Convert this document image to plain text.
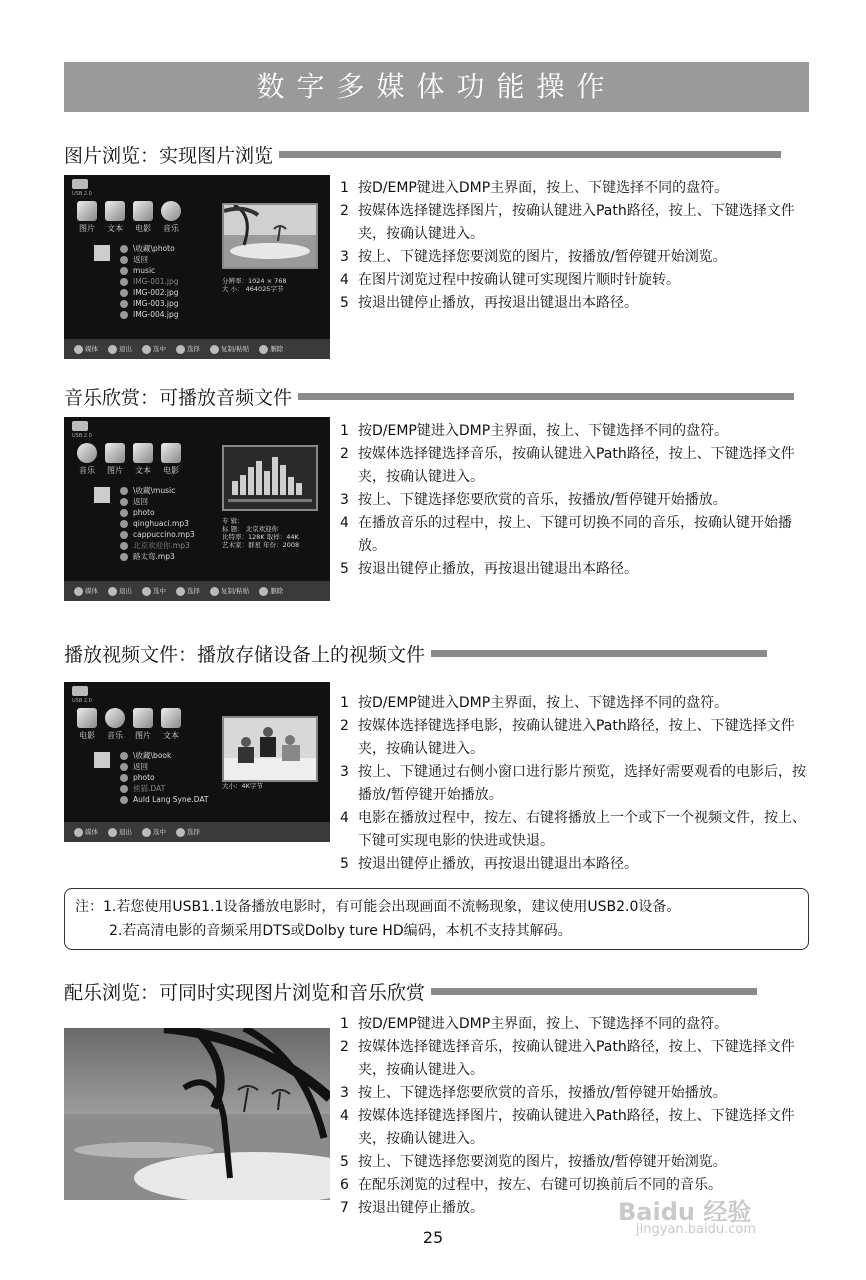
数字多媒体功能操作
图片浏览：实现图片浏览
USB 2.0
图片	文本	电影	音乐
\收藏\photo
返回
music
IMG-001.jpg
IMG-002.jpg
IMG-003.jpg
IMG-004.jpg
分辨率：1024 × 768
大 小： 464025字节
媒体	退出	选中	选择	复制/粘贴	删除
1 按D/EMP键进入DMP主界面，按上、下键选择不同的盘符。
2 按媒体选择键选择图片，按确认键进入Path路径，按上、下键选择文件夹，按确认键进入。
3 按上、下键选择您要浏览的图片，按播放/暂停键开始浏览。
4 在图片浏览过程中按确认键可实现图片顺时针旋转。
5 按退出键停止播放，再按退出键退出本路径。
音乐欣赏：可播放音频文件
USB 2.0
音乐	图片	文本	电影
\收藏\music
返回
photo
qinghuaci.mp3
cappuccino.mp3
北京欢迎你.mp3
路太弯.mp3
专 辑：
标 题： 北京欢迎你
比特率：128K 取样：44K
艺术家：群星 年份：2008
媒体	退出	选中	选择	复制/粘贴	删除
1 按D/EMP键进入DMP主界面，按上、下键选择不同的盘符。
2 按媒体选择键选择音乐，按确认键进入Path路径，按上、下键选择文件夹，按确认键进入。
3 按上、下键选择您要欣赏的音乐，按播放/暂停键开始播放。
4 在播放音乐的过程中，按上、下键可切换不同的音乐，按确认键开始播放。
5 按退出键停止播放，再按退出键退出本路径。
播放视频文件：播放存储设备上的视频文件
USB 2.0
电影	音乐	图片	文本
\收藏\book
返回
photo
熊猫.DAT
Auld Lang Syne.DAT
大小：4K字节
媒体	退出	选中	选择
1 按D/EMP键进入DMP主界面，按上、下键选择不同的盘符。
2 按媒体选择键选择电影，按确认键进入Path路径，按上、下键选择文件夹，按确认键进入。
3 按上、下键通过右侧小窗口进行影片预览，选择好需要观看的电影后，按播放/暂停键开始播放。
4 电影在播放过程中，按左、右键将播放上一个或下一个视频文件，按上、下键可实现电影的快进或快退。
5 按退出键停止播放，再按退出键退出本路径。
注：1.若您使用USB1.1设备播放电影时，有可能会出现画面不流畅现象，建议使用USB2.0设备。
2.若高清电影的音频采用DTS或Dolby ture HD编码，本机不支持其解码。
配乐浏览：可同时实现图片浏览和音乐欣赏
1 按D/EMP键进入DMP主界面，按上、下键选择不同的盘符。
2 按媒体选择键选择音乐，按确认键进入Path路径，按上、下键选择文件夹，按确认键进入。
3 按上、下键选择您要欣赏的音乐，按播放/暂停键开始播放。
4 按媒体选择键选择图片，按确认键进入Path路径，按上、下键选择文件夹，按确认键进入。
5 按上、下键选择您要浏览的图片，按播放/暂停键开始浏览。
6 在配乐浏览的过程中，按左、右键可切换前后不同的音乐。
7 按退出键停止播放。
25
Baidu 经验
jingyan.baidu.com
